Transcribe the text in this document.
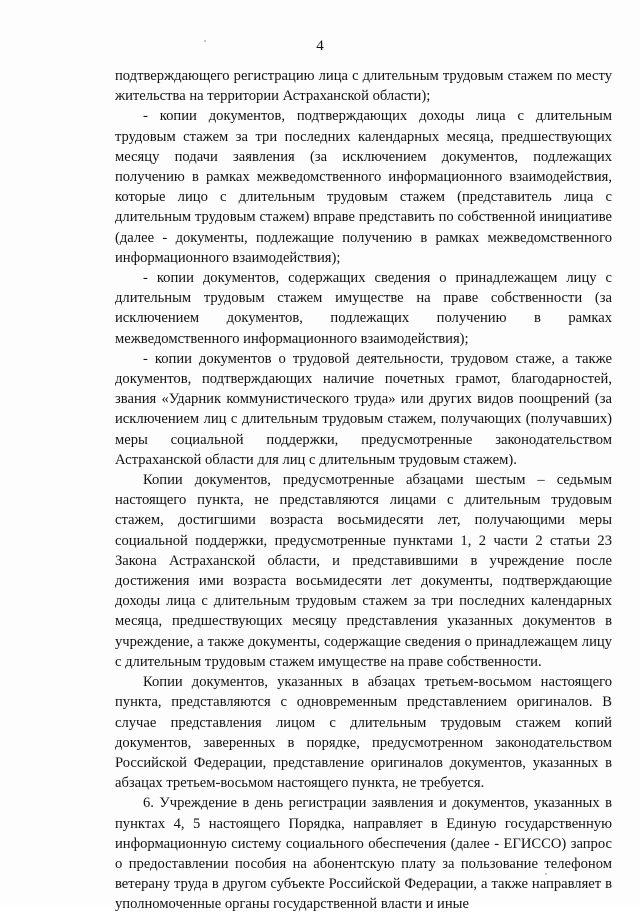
4

подтверждающего регистрацию лица с длительным трудовым стажем по месту жительства на территории Астраханской области);

- копии документов, подтверждающих доходы лица с длительным трудовым стажем за три последних календарных месяца, предшествующих месяцу подачи заявления (за исключением документов, подлежащих получению в рамках межведомственного информационного взаимодействия, которые лицо с длительным трудовым стажем (представитель лица с длительным трудовым стажем) вправе представить по собственной инициативе (далее - документы, подлежащие получению в рамках межведомственного информационного взаимодействия);

- копии документов, содержащих сведения о принадлежащем лицу с длительным трудовым стажем имуществе на праве собственности (за исключением документов, подлежащих получению в рамках межведомственного информационного взаимодействия);

- копии документов о трудовой деятельности, трудовом стаже, а также документов, подтверждающих наличие почетных грамот, благодарностей, звания «Ударник коммунистического труда» или других видов поощрений (за исключением лиц с длительным трудовым стажем, получающих (получавших) меры социальной поддержки, предусмотренные законодательством Астраханской области для лиц с длительным трудовым стажем).

Копии документов, предусмотренные абзацами шестым – седьмым настоящего пункта, не представляются лицами с длительным трудовым стажем, достигшими возраста восьмидесяти лет, получающими меры социальной поддержки, предусмотренные пунктами 1, 2 части 2 статьи 23 Закона Астраханской области, и представившими в учреждение после достижения ими возраста восьмидесяти лет документы, подтверждающие доходы лица с длительным трудовым стажем за три последних календарных месяца, предшествующих месяцу представления указанных документов в учреждение, а также документы, содержащие сведения о принадлежащем лицу с длительным трудовым стажем имуществе на праве собственности.

Копии документов, указанных в абзацах третьем-восьмом настоящего пункта, представляются с одновременным представлением оригиналов. В случае представления лицом с длительным трудовым стажем копий документов, заверенных в порядке, предусмотренном законодательством Российской Федерации, представление оригиналов документов, указанных в абзацах третьем-восьмом настоящего пункта, не требуется.

6. Учреждение в день регистрации заявления и документов, указанных в пунктах 4, 5 настоящего Порядка, направляет в Единую государственную информационную систему социального обеспечения (далее - ЕГИССО) запрос о предоставлении пособия на абонентскую плату за пользование телефоном ветерану труда в другом субъекте Российской Федерации, а также направляет в уполномоченные органы государственной власти и иные
